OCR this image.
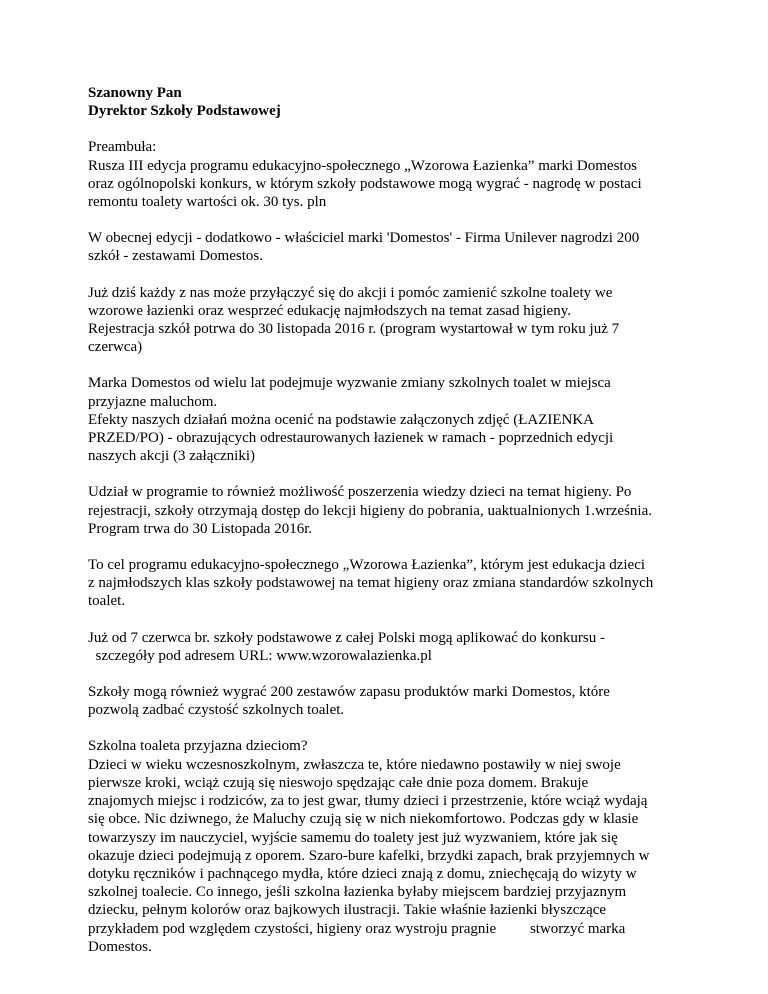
Szanowny Pan
Dyrektor Szkoły Podstawowej

Preambuła:
Rusza III edycja programu edukacyjno-społecznego „Wzorowa Łazienka” marki Domestos
oraz ogólnopolski konkurs, w którym szkoły podstawowe mogą wygrać - nagrodę w postaci
remontu toalety wartości ok. 30 tys. pln

W obecnej edycji - dodatkowo - właściciel marki 'Domestos' - Firma Unilever nagrodzi 200
szkół - zestawami Domestos.

Już dziś każdy z nas może przyłączyć się do akcji i pomóc zamienić szkolne toalety we
wzorowe łazienki oraz wesprzeć edukację najmłodszych na temat zasad higieny.
Rejestracja szkół potrwa do 30 listopada 2016 r. (program wystartował w tym roku już 7
czerwca)

Marka Domestos od wielu lat podejmuje wyzwanie zmiany szkolnych toalet w miejsca
przyjazne maluchom.
Efekty naszych działań można ocenić na podstawie załączonych zdjęć (ŁAZIENKA
PRZED/PO) - obrazujących odrestaurowanych łazienek w ramach - poprzednich edycji
naszych akcji (3 załączniki)

Udział w programie to również możliwość poszerzenia wiedzy dzieci na temat higieny. Po
rejestracji, szkoły otrzymają dostęp do lekcji higieny do pobrania, uaktualnionych 1.września.
Program trwa do 30 Listopada 2016r.

To cel programu edukacyjno-społecznego „Wzorowa Łazienka”, którym jest edukacja dzieci
z najmłodszych klas szkoły podstawowej na temat higieny oraz zmiana standardów szkolnych
toalet.

Już od 7 czerwca br. szkoły podstawowe z całej Polski mogą aplikować do konkursu -
szczegóły pod adresem URL: www.wzorowalazienka.pl

Szkoły mogą również wygrać 200 zestawów zapasu produktów marki Domestos, które
pozwolą zadbać czystość szkolnych toalet.

Szkolna toaleta przyjazna dzieciom?
Dzieci w wieku wczesnoszkolnym, zwłaszcza te, które niedawno postawiły w niej swoje
pierwsze kroki, wciąż czują się nieswojo spędzając całe dnie poza domem. Brakuje
znajomych miejsc i rodziców, za to jest gwar, tłumy dzieci i przestrzenie, które wciąż wydają
się obce. Nic dziwnego, że Maluchy czują się w nich niekomfortowo. Podczas gdy w klasie
towarzyszy im nauczyciel, wyjście samemu do toalety jest już wyzwaniem, które jak się
okazuje dzieci podejmują z oporem. Szaro-bure kafelki, brzydki zapach, brak przyjemnych w
dotyku ręczników i pachnącego mydła, które dzieci znają z domu, zniechęcają do wizyty w
szkolnej toalecie. Co innego, jeśli szkolna łazienka byłaby miejscem bardziej przyjaznym
dziecku, pełnym kolorów oraz bajkowych ilustracji. Takie właśnie łazienki błyszczące
przykładem pod względem czystości, higieny oraz wystroju pragnie         stworzyć marka
Domestos.
